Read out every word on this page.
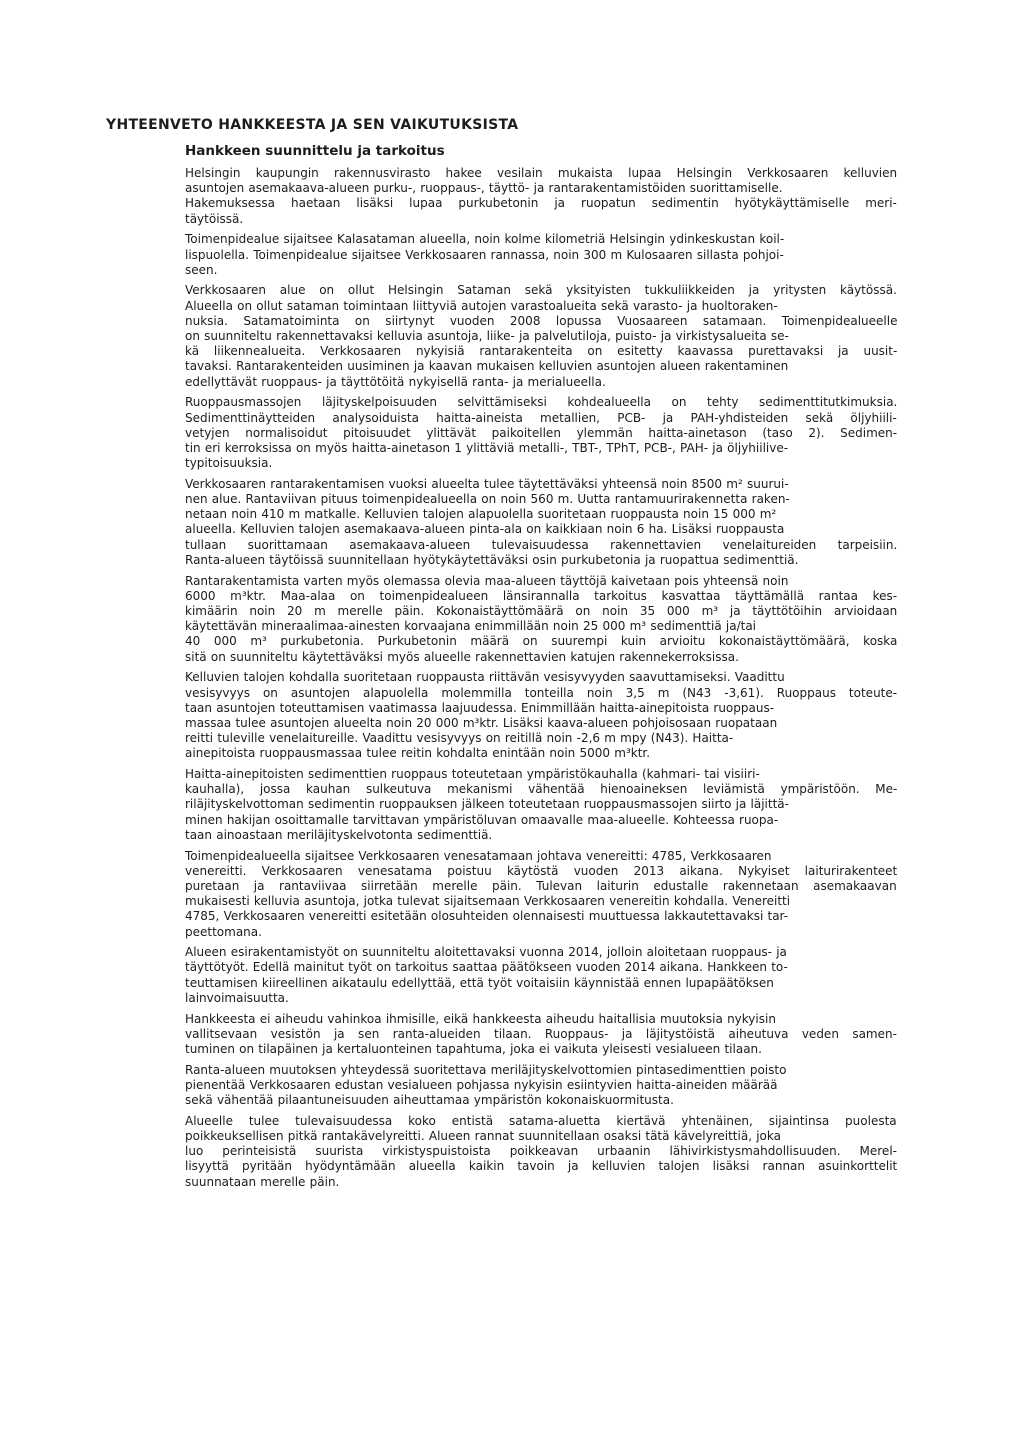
YHTEENVETO HANKKEESTA JA SEN VAIKUTUKSISTA
Hankkeen suunnittelu ja tarkoitus

Helsingin kaupungin rakennusvirasto hakee vesilain mukaista lupaa Helsingin Verkkosaaren kelluvien
asuntojen asemakaava-alueen purku-, ruoppaus-, täyttö- ja rantarakentamistöiden suorittamiselle.
Hakemuksessa haetaan lisäksi lupaa purkubetonin ja ruopatun sedimentin hyötykäyttämiselle meri-
täytöissä.

Toimenpidealue sijaitsee Kalasataman alueella, noin kolme kilometriä Helsingin ydinkeskustan koil-
lispuolella. Toimenpidealue sijaitsee Verkkosaaren rannassa, noin 300 m Kulosaaren sillasta pohjoi-
seen.

Verkkosaaren alue on ollut Helsingin Sataman sekä yksityisten tukkuliikkeiden ja yritysten käytössä.
Alueella on ollut sataman toimintaan liittyviä autojen varastoalueita sekä varasto- ja huoltoraken-
nuksia. Satamatoiminta on siirtynyt vuoden 2008 lopussa Vuosaareen satamaan. Toimenpidealueelle
on suunniteltu rakennettavaksi kelluvia asuntoja, liike- ja palvelutiloja, puisto- ja virkistysalueita se-
kä liikennealueita. Verkkosaaren nykyisiä rantarakenteita on esitetty kaavassa purettavaksi ja uusit-
tavaksi. Rantarakenteiden uusiminen ja kaavan mukaisen kelluvien asuntojen alueen rakentaminen
edellyttävät ruoppaus- ja täyttötöitä nykyisellä ranta- ja merialueella.

Ruoppausmassojen läjityskelpoisuuden selvittämiseksi kohdealueella on tehty sedimenttitutkimuksia.
Sedimenttinäytteiden analysoiduista haitta-aineista metallien, PCB- ja PAH-yhdisteiden sekä öljyhiili-
vetyjen normalisoidut pitoisuudet ylittävät paikoitellen ylemmän haitta-ainetason (taso 2). Sedimen-
tin eri kerroksissa on myös haitta-ainetason 1 ylittäviä metalli-, TBT-, TPhT, PCB-, PAH- ja öljyhiilive-
typitoisuuksia.

Verkkosaaren rantarakentamisen vuoksi alueelta tulee täytettäväksi yhteensä noin 8500 m² suurui-
nen alue. Rantaviivan pituus toimenpidealueella on noin 560 m. Uutta rantamuurirakennetta raken-
netaan noin 410 m matkalle. Kelluvien talojen alapuolella suoritetaan ruoppausta noin 15 000 m²
alueella. Kelluvien talojen asemakaava-alueen pinta-ala on kaikkiaan noin 6 ha. Lisäksi ruoppausta
tullaan suorittamaan asemakaava-alueen tulevaisuudessa rakennettavien venelaitureiden tarpeisiin.
Ranta-alueen täytöissä suunnitellaan hyötykäytettäväksi osin purkubetonia ja ruopattua sedimenttiä.

Rantarakentamista varten myös olemassa olevia maa-alueen täyttöjä kaivetaan pois yhteensä noin
6000 m³ktr. Maa-alaa on toimenpidealueen länsirannalla tarkoitus kasvattaa täyttämällä rantaa kes-
kimäärin noin 20 m merelle päin. Kokonaistäyttömäärä on noin 35 000 m³ ja täyttötöihin arvioidaan
käytettävän mineraalimaa-ainesten korvaajana enimmillään noin 25 000 m³ sedimenttiä ja/tai
40 000 m³ purkubetonia. Purkubetonin määrä on suurempi kuin arvioitu kokonaistäyttömäärä, koska
sitä on suunniteltu käytettäväksi myös alueelle rakennettavien katujen rakennekerroksissa.

Kelluvien talojen kohdalla suoritetaan ruoppausta riittävän vesisyvyyden saavuttamiseksi. Vaadittu
vesisyvyys on asuntojen alapuolella molemmilla tonteilla noin 3,5 m (N43 -3,61). Ruoppaus toteute-
taan asuntojen toteuttamisen vaatimassa laajuudessa. Enimmillään haitta-ainepitoista ruoppaus-
massaa tulee asuntojen alueelta noin 20 000 m³ktr. Lisäksi kaava-alueen pohjoisosaan ruopataan
reitti tuleville venelaitureille. Vaadittu vesisyvyys on reitillä noin -2,6 m mpy (N43). Haitta-
ainepitoista ruoppausmassaa tulee reitin kohdalta enintään noin 5000 m³ktr.

Haitta-ainepitoisten sedimenttien ruoppaus toteutetaan ympäristökauhalla (kahmari- tai visiiri-
kauhalla), jossa kauhan sulkeutuva mekanismi vähentää hienoaineksen leviämistä ympäristöön. Me-
riläjityskelvottoman sedimentin ruoppauksen jälkeen toteutetaan ruoppausmassojen siirto ja läjittä-
minen hakijan osoittamalle tarvittavan ympäristöluvan omaavalle maa-alueelle. Kohteessa ruopa-
taan ainoastaan meriläjityskelvotonta sedimenttiä.

Toimenpidealueella sijaitsee Verkkosaaren venesatamaan johtava venereitti: 4785, Verkkosaaren
venereitti. Verkkosaaren venesatama poistuu käytöstä vuoden 2013 aikana. Nykyiset laiturirakenteet
puretaan ja rantaviivaa siirretään merelle päin. Tulevan laiturin edustalle rakennetaan asemakaavan
mukaisesti kelluvia asuntoja, jotka tulevat sijaitsemaan Verkkosaaren venereitin kohdalla. Venereitti
4785, Verkkosaaren venereitti esitetään olosuhteiden olennaisesti muuttuessa lakkautettavaksi tar-
peettomana.

Alueen esirakentamistyöt on suunniteltu aloitettavaksi vuonna 2014, jolloin aloitetaan ruoppaus- ja
täyttötyöt. Edellä mainitut työt on tarkoitus saattaa päätökseen vuoden 2014 aikana. Hankkeen to-
teuttamisen kiireellinen aikataulu edellyttää, että työt voitaisiin käynnistää ennen lupapäätöksen
lainvoimaisuutta.

Hankkeesta ei aiheudu vahinkoa ihmisille, eikä hankkeesta aiheudu haitallisia muutoksia nykyisin
vallitsevaan vesistön ja sen ranta-alueiden tilaan. Ruoppaus- ja läjitystöistä aiheutuva veden samen-
tuminen on tilapäinen ja kertaluonteinen tapahtuma, joka ei vaikuta yleisesti vesialueen tilaan.

Ranta-alueen muutoksen yhteydessä suoritettava meriläjityskelvottomien pintasedimenttien poisto
pienentää Verkkosaaren edustan vesialueen pohjassa nykyisin esiintyvien haitta-aineiden määrää
sekä vähentää pilaantuneisuuden aiheuttamaa ympäristön kokonaiskuormitusta.

Alueelle tulee tulevaisuudessa koko entistä satama-aluetta kiertävä yhtenäinen, sijaintinsa puolesta
poikkeuksellisen pitkä rantakävelyreitti. Alueen rannat suunnitellaan osaksi tätä kävelyreittiä, joka
luo perinteisistä suurista virkistyspuistoista poikkeavan urbaanin lähivirkistysmahdollisuuden. Merel-
lisyyttä pyritään hyödyntämään alueella kaikin tavoin ja kelluvien talojen lisäksi rannan asuinkorttelit
suunnataan merelle päin.
